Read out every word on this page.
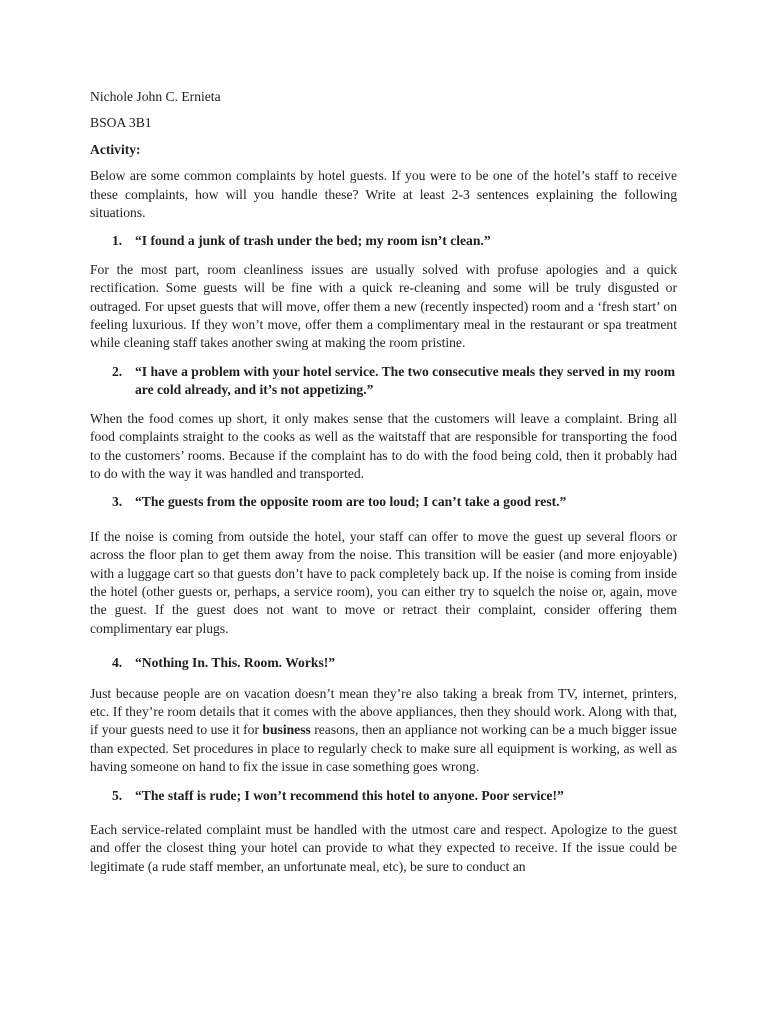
Nichole John C. Ernieta

BSOA 3B1

Activity:

Below are some common complaints by hotel guests. If you were to be one of the hotel’s staff to receive these complaints, how will you handle these? Write at least 2-3 sentences explaining the following situations.

1. “I found a junk of trash under the bed; my room isn’t clean.”

For the most part, room cleanliness issues are usually solved with profuse apologies and a quick rectification. Some guests will be fine with a quick re-cleaning and some will be truly disgusted or outraged. For upset guests that will move, offer them a new (recently inspected) room and a ‘fresh start’ on feeling luxurious. If they won’t move, offer them a complimentary meal in the restaurant or spa treatment while cleaning staff takes another swing at making the room pristine.

2. “I have a problem with your hotel service. The two consecutive meals they served in my room are cold already, and it’s not appetizing.”

When the food comes up short, it only makes sense that the customers will leave a complaint. Bring all food complaints straight to the cooks as well as the waitstaff that are responsible for transporting the food to the customers’ rooms. Because if the complaint has to do with the food being cold, then it probably had to do with the way it was handled and transported.

3. “The guests from the opposite room are too loud; I can’t take a good rest.”

If the noise is coming from outside the hotel, your staff can offer to move the guest up several floors or across the floor plan to get them away from the noise. This transition will be easier (and more enjoyable) with a luggage cart so that guests don’t have to pack completely back up. If the noise is coming from inside the hotel (other guests or, perhaps, a service room), you can either try to squelch the noise or, again, move the guest. If the guest does not want to move or retract their complaint, consider offering them complimentary ear plugs.

4. “Nothing In. This. Room. Works!”

Just because people are on vacation doesn’t mean they’re also taking a break from TV, internet, printers, etc. If they’re room details that it comes with the above appliances, then they should work. Along with that, if your guests need to use it for business reasons, then an appliance not working can be a much bigger issue than expected. Set procedures in place to regularly check to make sure all equipment is working, as well as having someone on hand to fix the issue in case something goes wrong.

5. “The staff is rude; I won’t recommend this hotel to anyone. Poor service!”

Each service-related complaint must be handled with the utmost care and respect. Apologize to the guest and offer the closest thing your hotel can provide to what they expected to receive. If the issue could be legitimate (a rude staff member, an unfortunate meal, etc), be sure to conduct an
